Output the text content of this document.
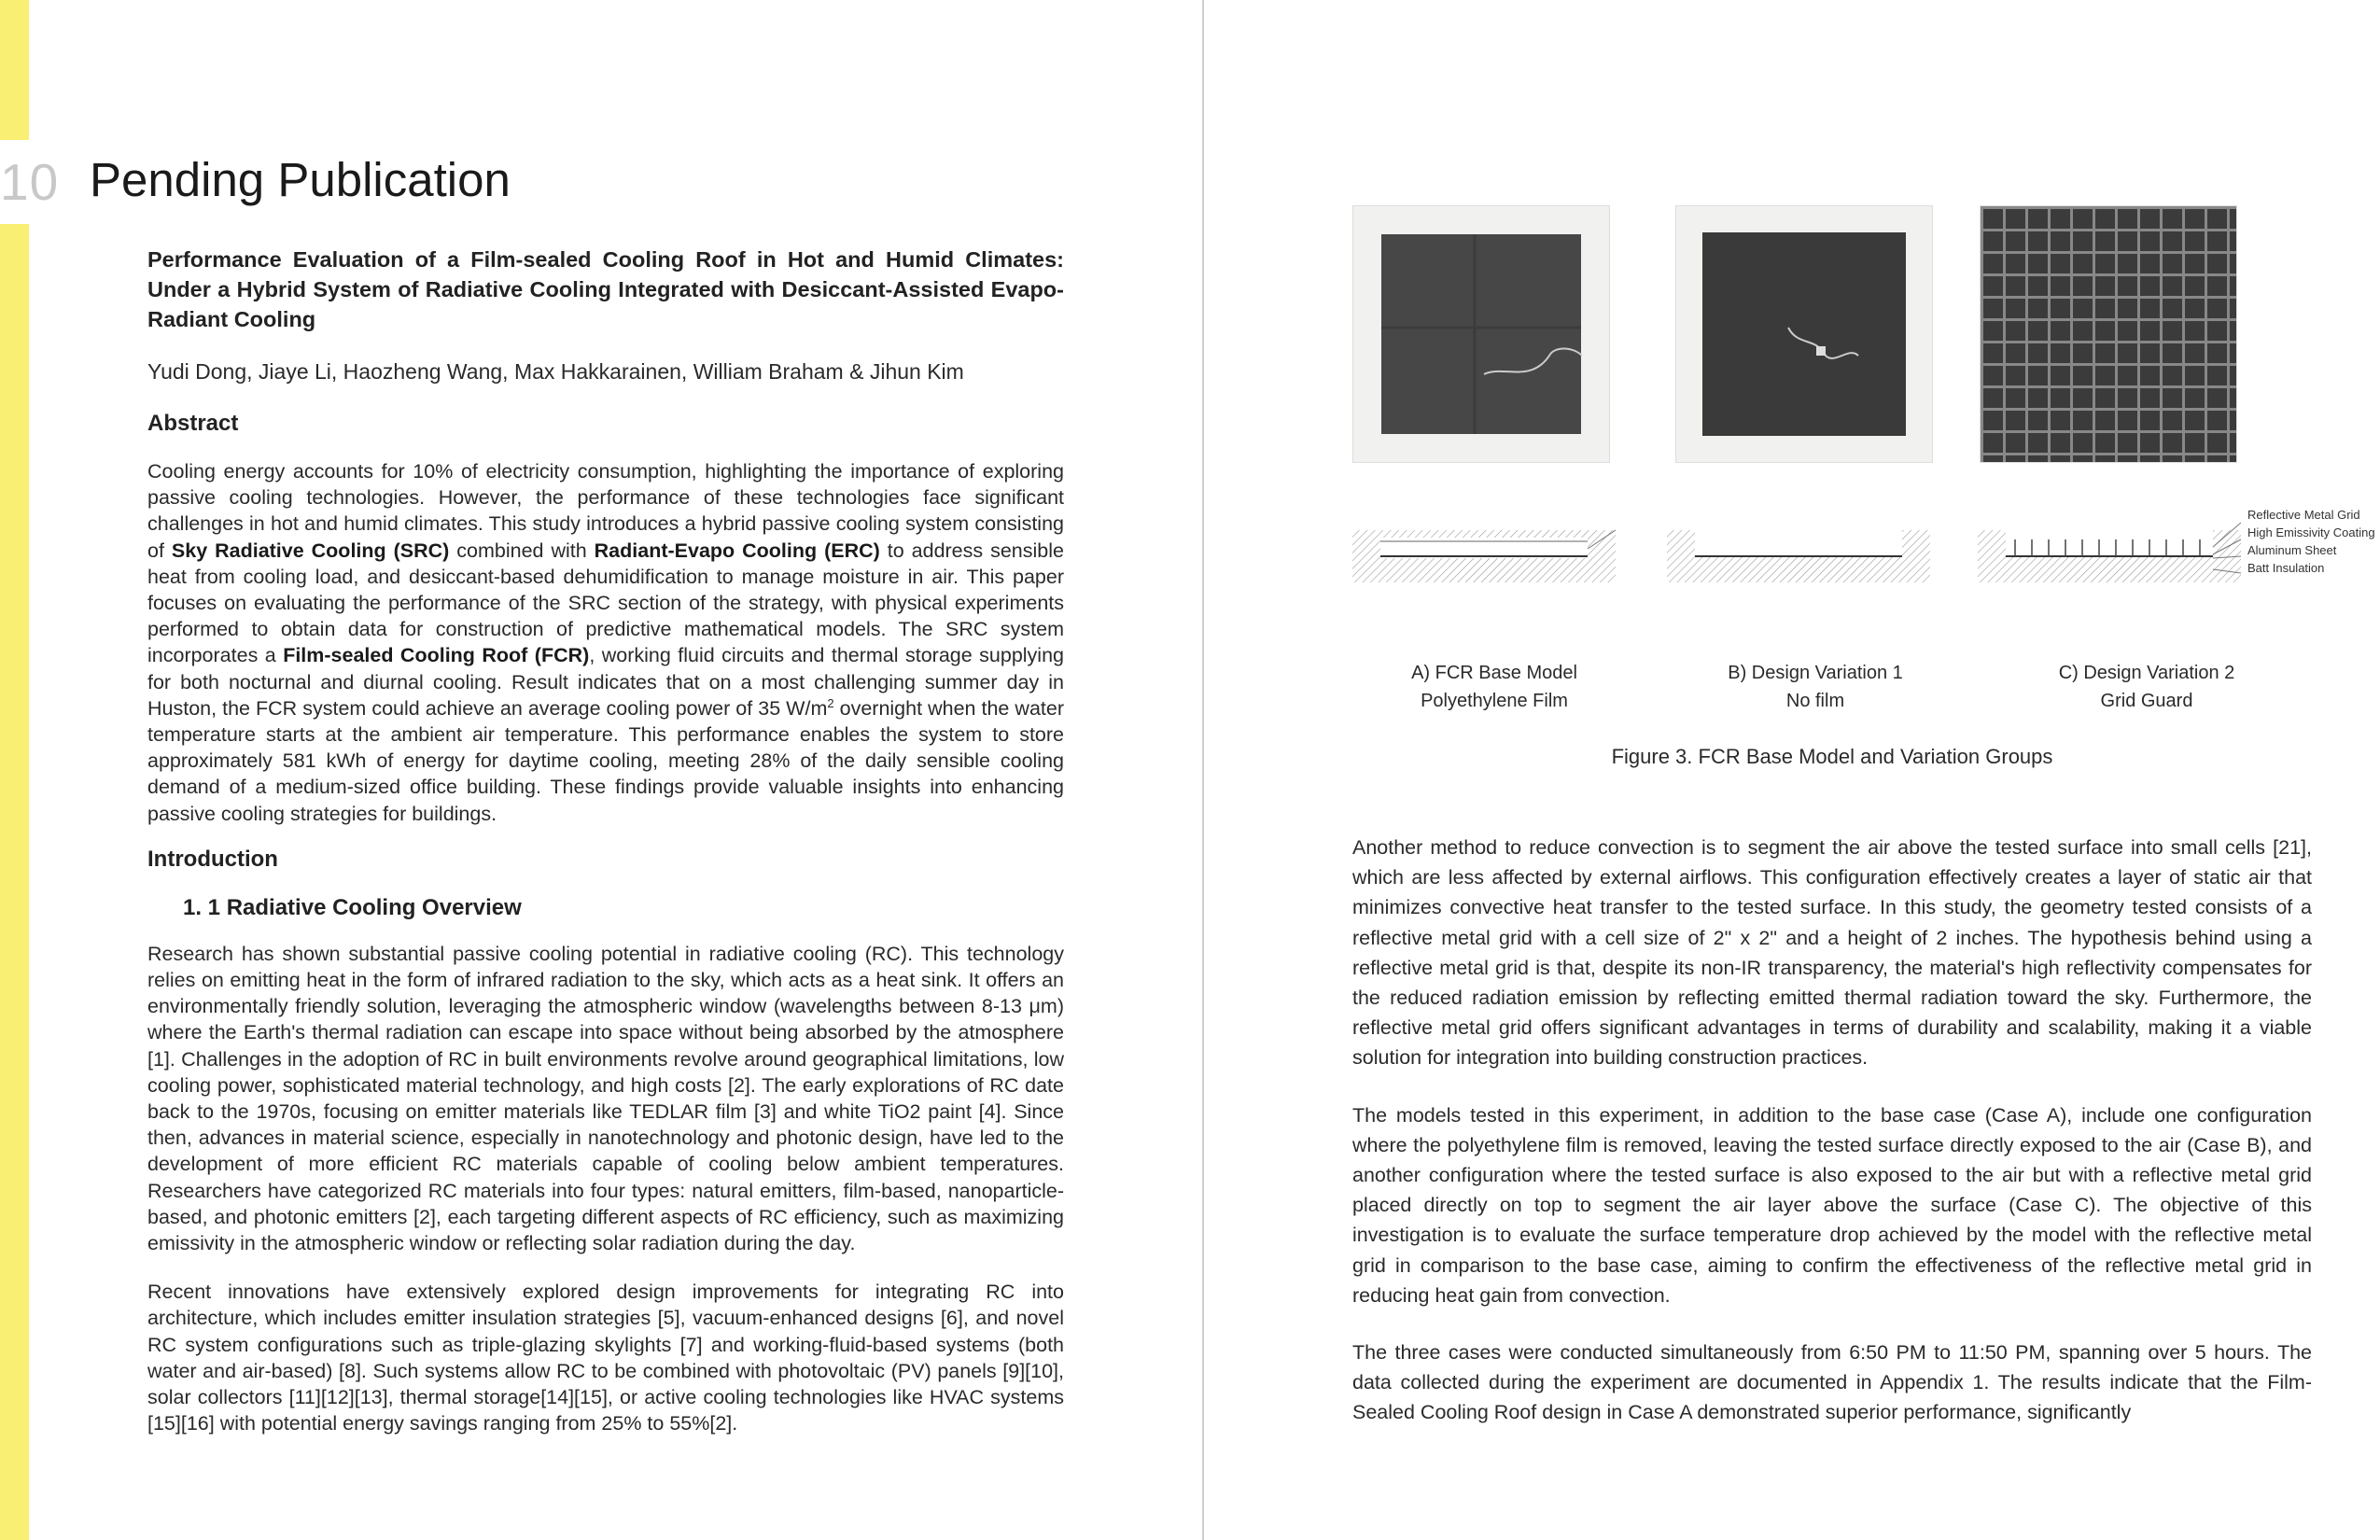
10 Pending Publication

Performance Evaluation of a Film-sealed Cooling Roof in Hot and Humid Climates: Under a Hybrid System of Radiative Cooling Integrated with Desiccant-Assisted Evapo-Radiant Cooling

Yudi Dong, Jiaye Li, Haozheng Wang, Max Hakkarainen, William Braham & Jihun Kim
Abstract
Cooling energy accounts for 10% of electricity consumption, highlighting the importance of exploring passive cooling technologies. However, the performance of these technologies face significant challenges in hot and humid climates. This study introduces a hybrid passive cooling system consisting of Sky Radiative Cooling (SRC) combined with Radiant-Evapo Cooling (ERC) to address sensible heat from cooling load, and desiccant-based dehumidification to manage moisture in air. This paper focuses on evaluating the performance of the SRC section of the strategy, with physical experiments performed to obtain data for construction of predictive mathematical models. The SRC system incorporates a Film-sealed Cooling Roof (FCR), working fluid circuits and thermal storage supplying for both nocturnal and diurnal cooling. Result indicates that on a most challenging summer day in Huston, the FCR system could achieve an average cooling power of 35 $W/m^2$ overnight when the water temperature starts at the ambient air temperature. This performance enables the system to store approximately 581 kWh of energy for daytime cooling, meeting 28% of the daily sensible cooling demand of a medium-sized office building. These findings provide valuable insights into enhancing passive cooling strategies for buildings.
Introduction
1. 1 Radiative Cooling Overview
Research has shown substantial passive cooling potential in radiative cooling (RC). This technology relies on emitting heat in the form of infrared radiation to the sky, which acts as a heat sink. It offers an environmentally friendly solution, leveraging the atmospheric window (wavelengths between 8-13 μm) where the Earth's thermal radiation can escape into space without being absorbed by the atmosphere [1]. Challenges in the adoption of RC in built environments revolve around geographical limitations, low cooling power, sophisticated material technology, and high costs [2]. The early explorations of RC date back to the 1970s, focusing on emitter materials like TEDLAR film [3] and white TiO2 paint [4]. Since then, advances in material science, especially in nanotechnology and photonic design, have led to the development of more efficient RC materials capable of cooling below ambient temperatures. Researchers have categorized RC materials into four types: natural emitters, film-based, nanoparticle-based, and photonic emitters [2], each targeting different aspects of RC efficiency, such as maximizing emissivity in the atmospheric window or reflecting solar radiation during the day.
Recent innovations have extensively explored design improvements for integrating RC into architecture, which includes emitter insulation strategies [5], vacuum-enhanced designs [6], and novel RC system configurations such as triple-glazing skylights [7] and working-fluid-based systems (both water and air-based) [8]. Such systems allow RC to be combined with photovoltaic (PV) panels [9][10], solar collectors [11][12][13], thermal storage[14][15], or active cooling technologies like HVAC systems [15][16] with potential energy savings ranging from 25% to 55%[2].
Reflective Metal Grid
High Emissivity Coating
Aluminum Sheet
Batt Insulation
A) FCR Base Model
Polyethylene Film
B) Design Variation 1
No film
C) Design Variation 2
Grid Guard
Figure 3. FCR Base Model and Variation Groups

Another method to reduce convection is to segment the air above the tested surface into small cells [21], which are less affected by external airflows. This configuration effectively creates a layer of static air that minimizes convective heat transfer to the tested surface. In this study, the geometry tested consists of a reflective metal grid with a cell size of 2" x 2" and a height of 2 inches. The hypothesis behind using a reflective metal grid is that, despite its non-IR transparency, the material's high reflectivity compensates for the reduced radiation emission by reflecting emitted thermal radiation toward the sky. Furthermore, the reflective metal grid offers significant advantages in terms of durability and scalability, making it a viable solution for integration into building construction practices.

The models tested in this experiment, in addition to the base case (Case A), include one configuration where the polyethylene film is removed, leaving the tested surface directly exposed to the air (Case B), and another configuration where the tested surface is also exposed to the air but with a reflective metal grid placed directly on top to segment the air layer above the surface (Case C). The objective of this investigation is to evaluate the surface temperature drop achieved by the model with the reflective metal grid in comparison to the base case, aiming to confirm the effectiveness of the reflective metal grid in reducing heat gain from convection.

The three cases were conducted simultaneously from 6:50 PM to 11:50 PM, spanning over 5 hours. The data collected during the experiment are documented in Appendix 1. The results indicate that the Film-Sealed Cooling Roof design in Case A demonstrated superior performance, significantly
